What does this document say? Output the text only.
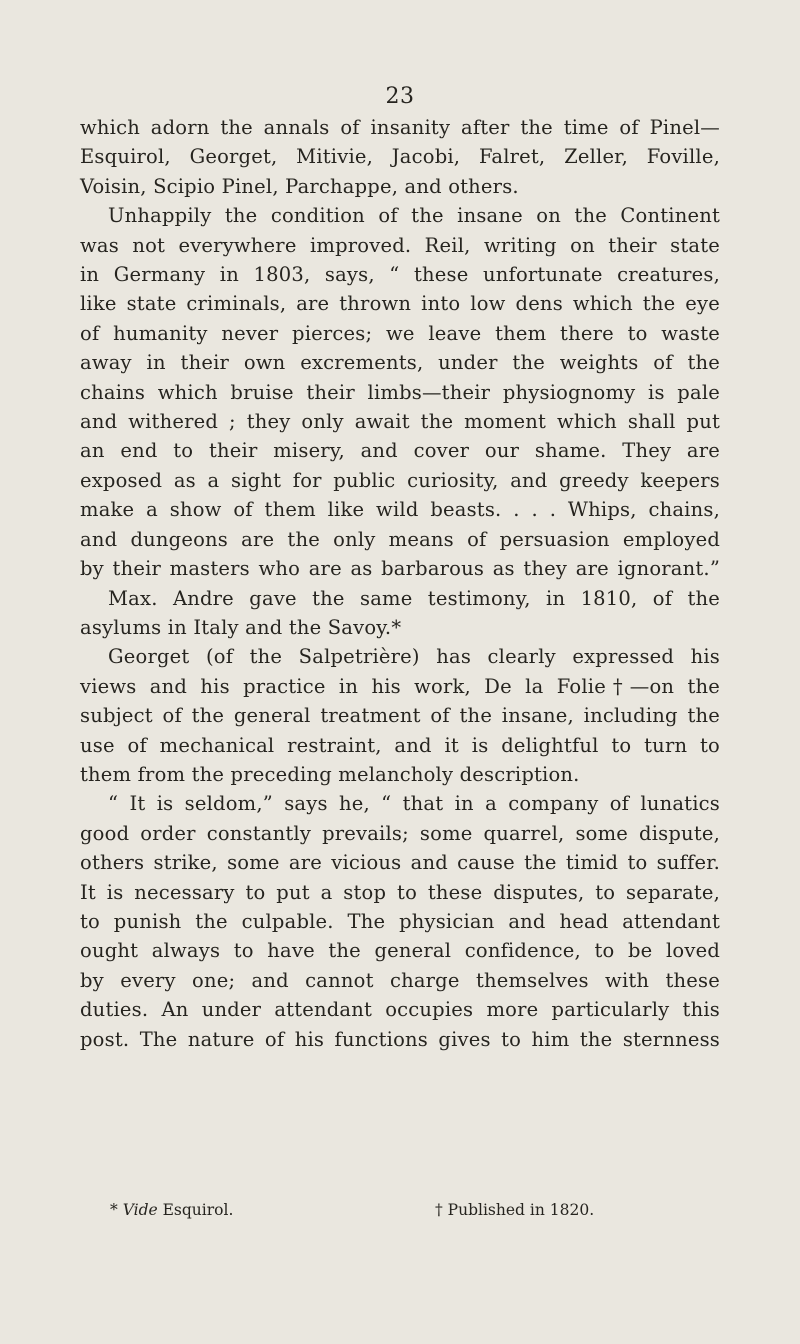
23
which adorn the annals of insanity after the time of Pinel—
Esquirol, Georget, Mitivie, Jacobi, Falret, Zeller, Foville,
Voisin, Scipio Pinel, Parchappe, and others.
Unhappily the condition of the insane on the Continent
was not everywhere improved. Reil, writing on their state
in Germany in 1803, says, “ these unfortunate creatures,
like state criminals, are thrown into low dens which the eye
of humanity never pierces; we leave them there to waste
away in their own excrements, under the weights of the
chains which bruise their limbs—their physiognomy is pale
and withered ; they only await the moment which shall put
an end to their misery, and cover our shame. They are
exposed as a sight for public curiosity, and greedy keepers
make a show of them like wild beasts. . . . Whips, chains,
and dungeons are the only means of persuasion employed
by their masters who are as barbarous as they are ignorant.”
Max. Andre gave the same testimony, in 1810, of the
asylums in Italy and the Savoy.*
Georget (of the Salpetrière) has clearly expressed his
views and his practice in his work, De la Folie†—on the
subject of the general treatment of the insane, including the
use of mechanical restraint, and it is delightful to turn to
them from the preceding melancholy description.
“ It is seldom,” says he, “ that in a company of lunatics
good order constantly prevails; some quarrel, some dispute,
others strike, some are vicious and cause the timid to suffer.
It is necessary to put a stop to these disputes, to separate,
to punish the culpable. The physician and head attendant
ought always to have the general confidence, to be loved
by every one; and cannot charge themselves with these
duties. An under attendant occupies more particularly this
post. The nature of his functions gives to him the sternness
* Vide Esquirol.	† Published in 1820.
